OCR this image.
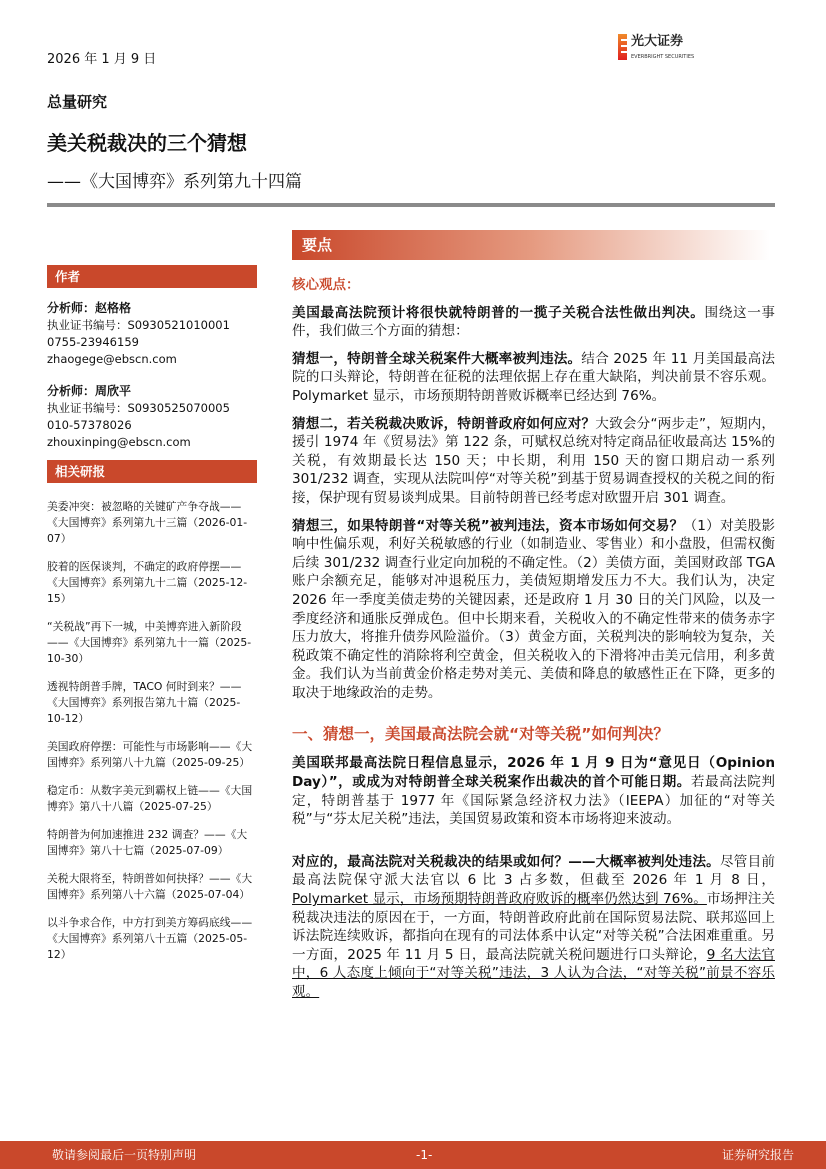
2026 年 1 月 9 日
光大证券
EVERBRIGHT SECURITIES
总量研究
美关税裁决的三个猜想
——《大国博弈》系列第九十四篇
要点
作者
分析师：赵格格
执业证书编号：S0930521010001
0755-23946159
zhaogege@ebscn.com
分析师：周欣平
执业证书编号：S0930525070005
010-57378026
zhouxinping@ebscn.com
相关研报

美委冲突：被忽略的关键矿产争夺战——《大国博弈》系列第九十三篇（2026-01-07）

胶着的医保谈判，不确定的政府停摆——《大国博弈》系列第九十二篇（2025-12-15）

“关税战”再下一城，中美博弈进入新阶段——《大国博弈》系列第九十一篇（2025-10-30）

透视特朗普手牌，TACO 何时到来？——《大国博弈》系列报告第九十篇（2025-10-12）

美国政府停摆：可能性与市场影响——《大国博弈》系列第八十九篇（2025-09-25）

稳定币：从数字美元到霸权上链——《大国博弈》第八十八篇（2025-07-25）

特朗普为何加速推进 232 调查？——《大国博弈》第八十七篇（2025-07-09）

关税大限将至，特朗普如何抉择？——《大国博弈》系列第八十六篇（2025-07-04）

以斗争求合作，中方打到美方筹码底线——《大国博弈》系列第八十五篇（2025-05-12）

核心观点：

美国最高法院预计将很快就特朗普的一揽子关税合法性做出判决。围绕这一事件，我们做三个方面的猜想：

猜想一，特朗普全球关税案件大概率被判违法。结合 2025 年 11 月美国最高法院的口头辩论，特朗普在征税的法理依据上存在重大缺陷，判决前景不容乐观。Polymarket 显示，市场预期特朗普败诉概率已经达到 76%。

猜想二，若关税裁决败诉，特朗普政府如何应对？大致会分“两步走”，短期内，援引 1974 年《贸易法》第 122 条，可赋权总统对特定商品征收最高达 15%的关税，有效期最长达 150 天；中长期，利用 150 天的窗口期启动一系列 301/232 调查，实现从法院叫停“对等关税”到基于贸易调查授权的关税之间的衔接，保护现有贸易谈判成果。目前特朗普已经考虑对欧盟开启 301 调查。

猜想三，如果特朗普“对等关税”被判违法，资本市场如何交易？（1）对美股影响中性偏乐观，利好关税敏感的行业（如制造业、零售业）和小盘股，但需权衡后续 301/232 调查行业定向加税的不确定性。（2）美债方面，美国财政部 TGA 账户余额充足，能够对冲退税压力，美债短期增发压力不大。我们认为，决定 2026 年一季度美债走势的关键因素，还是政府 1 月 30 日的关门风险，以及一季度经济和通胀反弹成色。但中长期来看，关税收入的不确定性带来的债务赤字压力放大，将推升债券风险溢价。（3）黄金方面，关税判决的影响较为复杂，关税政策不确定性的消除将利空黄金，但关税收入的下滑将冲击美元信用，利多黄金。我们认为当前黄金价格走势对美元、美债和降息的敏感性正在下降，更多的取决于地缘政治的走势。

一、猜想一，美国最高法院会就“对等关税”如何判决？

美国联邦最高法院日程信息显示，2026 年 1 月 9 日为“意见日（Opinion Day）”，或成为对特朗普全球关税案作出裁决的首个可能日期。若最高法院判定，特朗普基于 1977 年《国际紧急经济权力法》（IEEPA）加征的“对等关税”与“芬太尼关税”违法，美国贸易政策和资本市场将迎来波动。

对应的，最高法院对关税裁决的结果或如何？——大概率被判处违法。尽管目前最高法院保守派大法官以 6 比 3 占多数，但截至 2026 年 1 月 8 日，Polymarket 显示，市场预期特朗普政府败诉的概率仍然达到 76%。市场押注关税裁决违法的原因在于，一方面，特朗普政府此前在国际贸易法院、联邦巡回上诉法院连续败诉，都指向在现有的司法体系中认定“对等关税”合法困难重重。另一方面，2025 年 11 月 5 日，最高法院就关税问题进行口头辩论，9 名大法官中，6 人态度上倾向于“对等关税”违法，3 人认为合法，“对等关税”前景不容乐观。

敬请参阅最后一页特别声明	-1-	证券研究报告
